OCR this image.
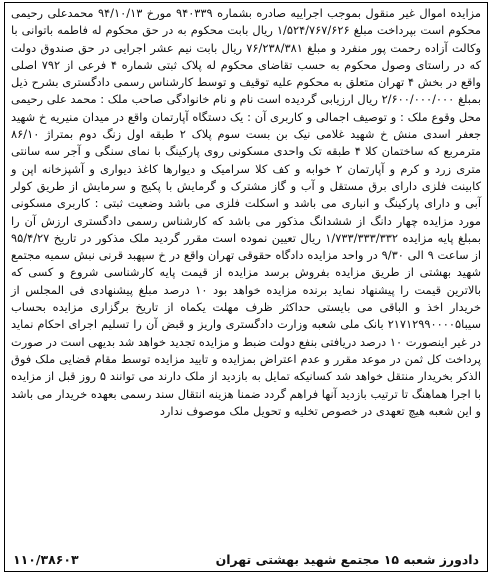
مزایده اموال غیر منقول بموجب اجراییه صادره بشماره ۹۴۰۳۳۹ مورخ ۹۴/۱۰/۱۳ محمدعلی رحیمی محکوم است بپرداخت مبلغ ۱/۵۲۴/۷۶۷/۶۲۶ ریال بابت محکوم به در حق محکوم له فاطمه باتوانی با وکالت آزاده رحمت پور منفرد و مبلغ ۷۶/۲۳۸/۳۸۱ ریال بابت نیم عشر اجرایی در حق صندوق دولت که در راستای وصول محکوم به حسب تقاضای محکوم له پلاک ثبتی شماره ۴ فرعی از ۷۹۲ اصلی واقع در بخش ۴ تهران متعلق به محکوم علیه توقیف و توسط کارشناس رسمی دادگستری بشرح ذیل بمبلغ ۲/۶۰۰/۰۰۰/۰۰۰ ریال ارزیابی گردیده است نام و نام خانوادگی صاحب ملک : محمد علی رحیمی محل وقوع ملک : و توصیف اجمالی و کاربری آن : یک دستگاه آپارتمان واقع در میدان منیریه خ شهید جعفر اسدی منش خ شهید غلامی نیک بن بست سوم پلاک ۲ طبقه اول زنگ دوم بمتراژ ۸۶/۱۰ مترمربع که ساختمان کلا ۴ طبقه تک واحدی مسکونی روی پارکینگ با نمای سنگی و آجر سه سانتی متری زرد و کرم و آپارتمان ۲ خوابه و کف کلا سرامیک و دیوارها کاغذ دیواری و آشپزخانه اپن و کابینت فلزی دارای برق مستقل و آب و گاز مشترک و گرمایش با پکیج و سرمایش از طریق کولر آبی و دارای پارکینگ و انباری می باشد و اسکلت فلزی می باشد وضعیت ثبتی : کاربری مسکونی مورد مزایده چهار دانگ از ششدانگ مذکور می باشد که کارشناس رسمی دادگستری ارزش آن را بمبلغ پایه مزایده ۱/۷۳۳/۳۳۳/۳۳۲ ریال تعیین نموده است مقرر گردید ملک مذکور در تاریخ ۹۵/۴/۲۷ از ساعت ۹ الی ۹/۳۰ در واحد مزایده دادگاه حقوقی تهران واقع در خ سپهبد قرنی نبش سمیه مجتمع شهید بهشتی از طریق مزایده بفروش برسد مزایده از قیمت پایه کارشناسی شروع و کسی که بالاترین قیمت را پیشنهاد نماید برنده مزایده خواهد بود ۱۰ درصد مبلغ پیشنهادی فی المجلس از خریدار اخذ و الباقی می بایستی حداکثر ظرف مهلت یکماه از تاریخ برگزاری مزایده بحساب سیبا۲۱۷۱۲۹۹۰۰۰۰۵ بانک ملی شعبه وزارت دادگستری واریز و قبض آن را تسلیم اجرای احکام نماید در غیر اینصورت ۱۰ درصد دریافتی بنفع دولت ضبط و مزایده تجدید خواهد شد بدیهی است در صورت پرداخت کل ثمن در موعد مقرر و عدم اعتراض بمزایده و تایید مزایده توسط مقام قضایی ملک فوق الذکر بخریدار منتقل خواهد شد کسانیکه تمایل به بازدید از ملک دارند می توانند ۵ روز قبل از مزایده با اجرا هماهنگ تا ترتیب بازدید آنها فراهم گردد ضمنا هزینه انتقال سند رسمی بعهده خریدار می باشد و این شعبه هیچ تعهدی در خصوص تخلیه و تحویل ملک موصوف ندارد

دادورز شعبه ۱۵ مجتمع شهید بهشتی تهران
۱۱۰/۳۸۶۰۳
